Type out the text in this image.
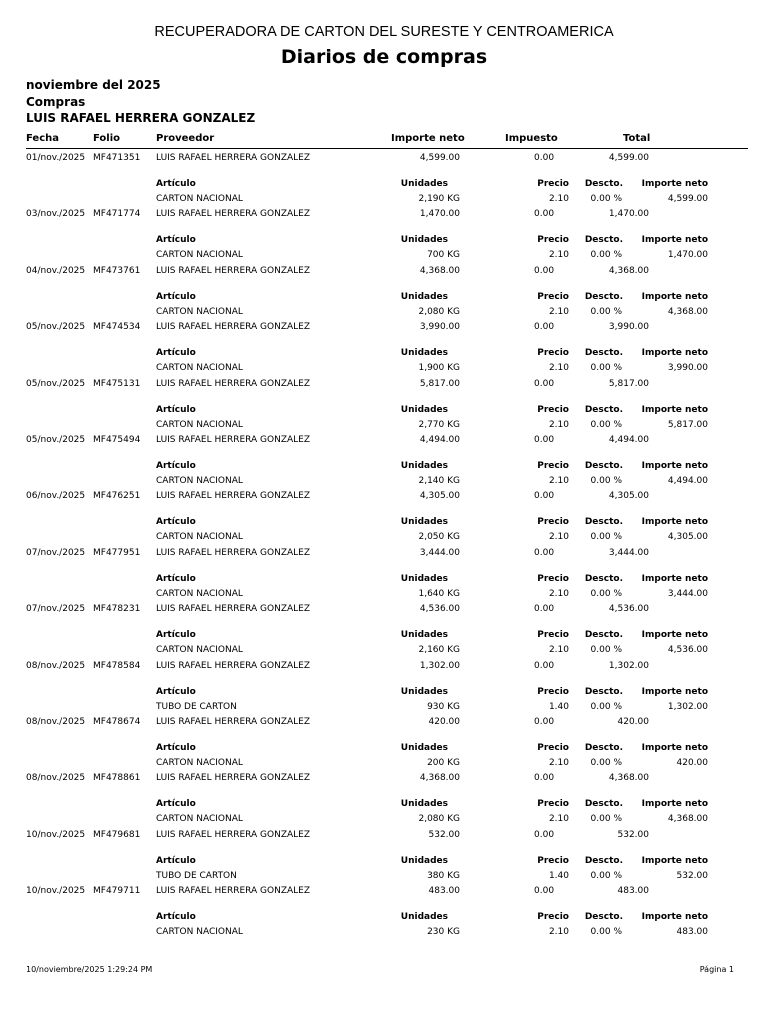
RECUPERADORA DE CARTON DEL SURESTE Y CENTROAMERICA
Diarios de compras
noviembre del 2025
Compras
LUIS RAFAEL HERRERA GONZALEZ
Fecha	Folio	Proveedor	Importe neto	Impuesto	Total
01/nov./2025 MF471351 LUIS RAFAEL HERRERA GONZALEZ	4,599.00	0.00	4,599.00
Artículo	Unidades	Precio Descto. Importe neto
CARTON NACIONAL	2,190 KG	2.10 0.00 %	4,599.00
03/nov./2025 MF471774 LUIS RAFAEL HERRERA GONZALEZ	1,470.00	0.00	1,470.00
Artículo	Unidades	Precio Descto. Importe neto
CARTON NACIONAL	700 KG	2.10 0.00 %	1,470.00
04/nov./2025 MF473761 LUIS RAFAEL HERRERA GONZALEZ	4,368.00	0.00	4,368.00
Artículo	Unidades	Precio Descto. Importe neto
CARTON NACIONAL	2,080 KG	2.10 0.00 %	4,368.00
05/nov./2025 MF474534 LUIS RAFAEL HERRERA GONZALEZ	3,990.00	0.00	3,990.00
Artículo	Unidades	Precio Descto. Importe neto
CARTON NACIONAL	1,900 KG	2.10 0.00 %	3,990.00
05/nov./2025 MF475131 LUIS RAFAEL HERRERA GONZALEZ	5,817.00	0.00	5,817.00
Artículo	Unidades	Precio Descto. Importe neto
CARTON NACIONAL	2,770 KG	2.10 0.00 %	5,817.00
05/nov./2025 MF475494 LUIS RAFAEL HERRERA GONZALEZ	4,494.00	0.00	4,494.00
Artículo	Unidades	Precio Descto. Importe neto
CARTON NACIONAL	2,140 KG	2.10 0.00 %	4,494.00
06/nov./2025 MF476251 LUIS RAFAEL HERRERA GONZALEZ	4,305.00	0.00	4,305.00
Artículo	Unidades	Precio Descto. Importe neto
CARTON NACIONAL	2,050 KG	2.10 0.00 %	4,305.00
07/nov./2025 MF477951 LUIS RAFAEL HERRERA GONZALEZ	3,444.00	0.00	3,444.00
Artículo	Unidades	Precio Descto. Importe neto
CARTON NACIONAL	1,640 KG	2.10 0.00 %	3,444.00
07/nov./2025 MF478231 LUIS RAFAEL HERRERA GONZALEZ	4,536.00	0.00	4,536.00
Artículo	Unidades	Precio Descto. Importe neto
CARTON NACIONAL	2,160 KG	2.10 0.00 %	4,536.00
08/nov./2025 MF478584 LUIS RAFAEL HERRERA GONZALEZ	1,302.00	0.00	1,302.00
Artículo	Unidades	Precio Descto. Importe neto
TUBO DE CARTON	930 KG	1.40 0.00 %	1,302.00
08/nov./2025 MF478674 LUIS RAFAEL HERRERA GONZALEZ	420.00	0.00	420.00
Artículo	Unidades	Precio Descto. Importe neto
CARTON NACIONAL	200 KG	2.10 0.00 %	420.00
08/nov./2025 MF478861 LUIS RAFAEL HERRERA GONZALEZ	4,368.00	0.00	4,368.00
Artículo	Unidades	Precio Descto. Importe neto
CARTON NACIONAL	2,080 KG	2.10 0.00 %	4,368.00
10/nov./2025 MF479681 LUIS RAFAEL HERRERA GONZALEZ	532.00	0.00	532.00
Artículo	Unidades	Precio Descto. Importe neto
TUBO DE CARTON	380 KG	1.40 0.00 %	532.00
10/nov./2025 MF479711 LUIS RAFAEL HERRERA GONZALEZ	483.00	0.00	483.00
Artículo	Unidades	Precio Descto. Importe neto
CARTON NACIONAL	230 KG	2.10 0.00 %	483.00
10/noviembre/2025 1:29:24 PM	Página 1
